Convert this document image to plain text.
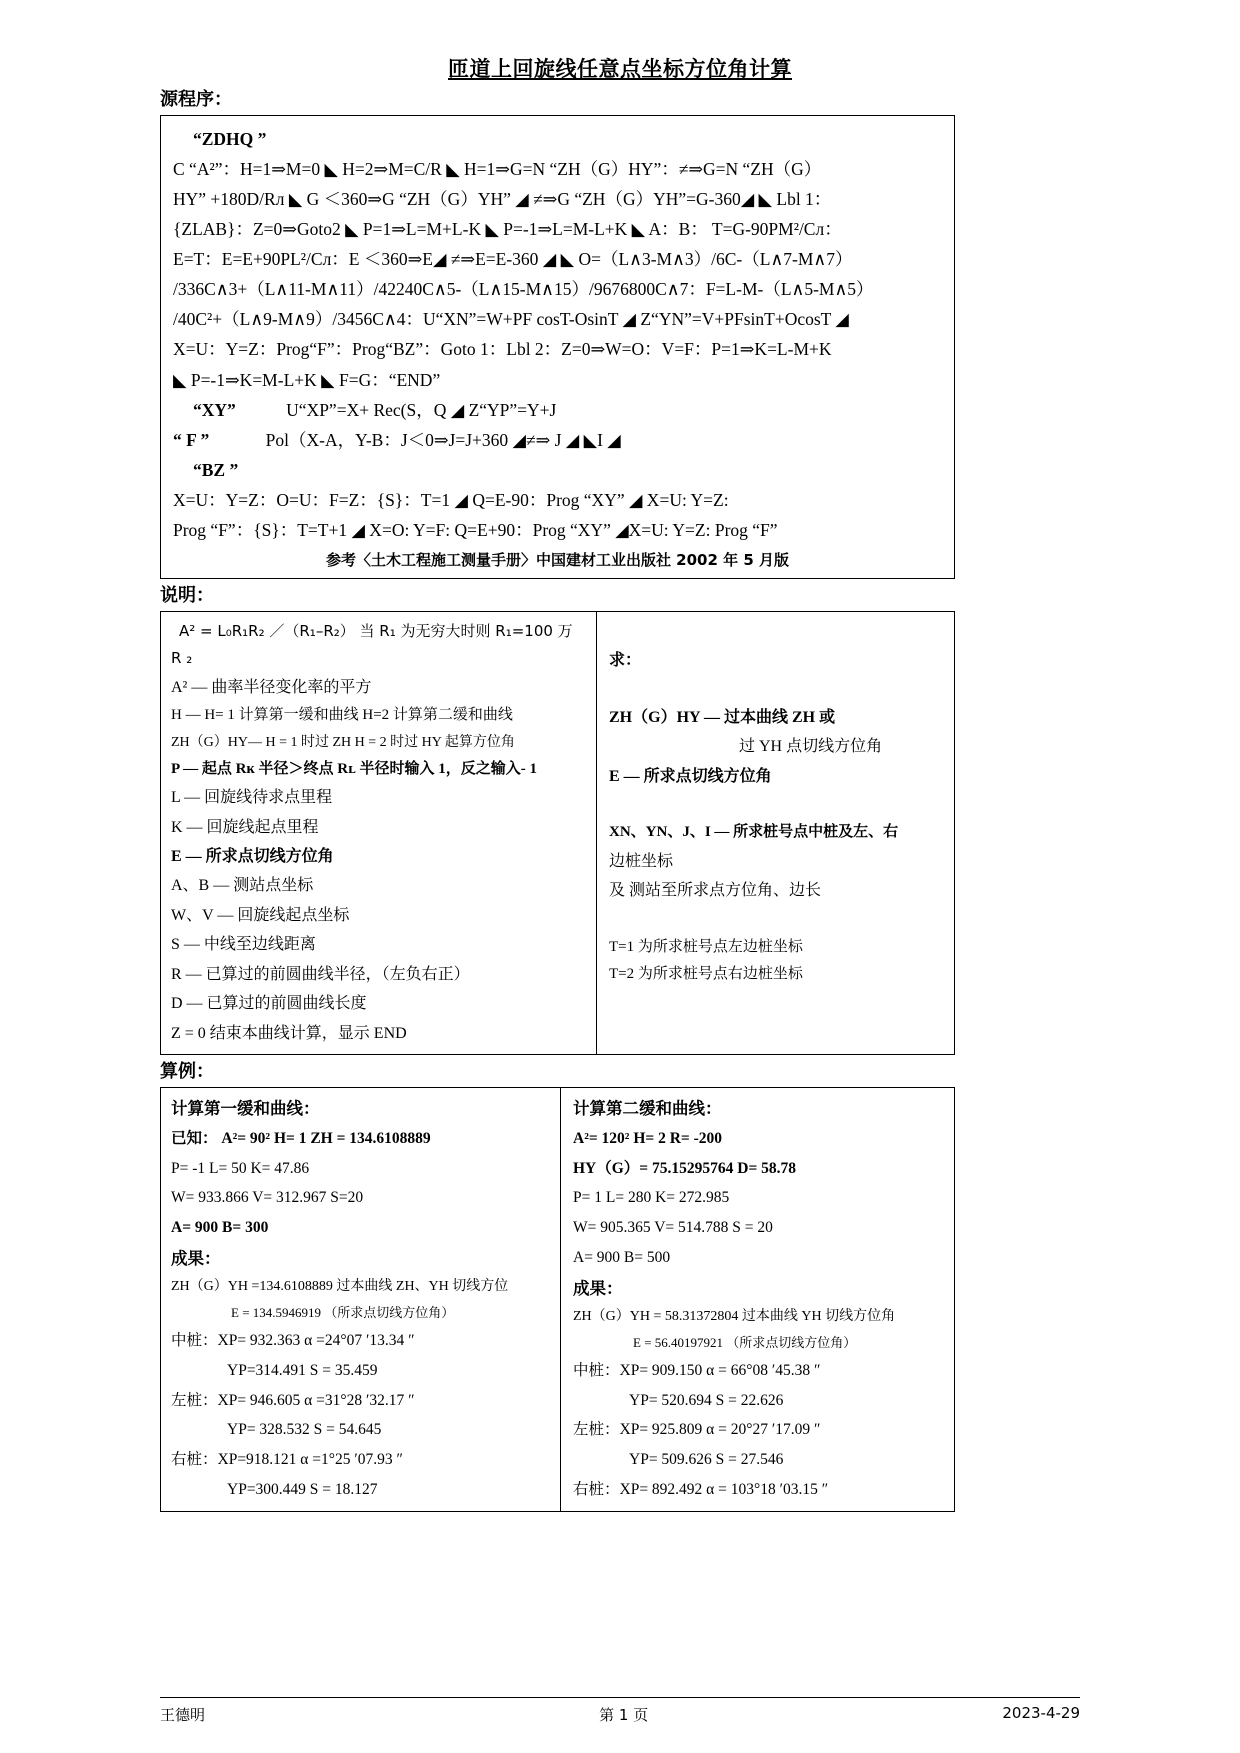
匝道上回旋线任意点坐标方位角计算
源程序：
“ZDHQ ”
C “A²”：H=1⇒M=0 ◣ H=2⇒M=C/R ◣ H=1⇒G=N “ZH（G）HY”：≠⇒G=N “ZH（G）
HY” +180D/Rл ◣ G ＜360⇒G “ZH（G）YH” ◢ ≠⇒G “ZH（G）YH”=G-360◢ ◣ Lbl 1：
{ZLAB}：Z=0⇒Goto2 ◣ P=1⇒L=M+L-K ◣ P=-1⇒L=M-L+K ◣ A：B： T=G-90PM²/Cл：
E=T：E=E+90PL²/Cл：E ＜360⇒E◢ ≠⇒E=E-360 ◢ ◣ O=（L∧3-M∧3）/6C-（L∧7-M∧7）
/336C∧3+（L∧11-M∧11）/42240C∧5-（L∧15-M∧15）/9676800C∧7：F=L-M-（L∧5-M∧5）
/40C²+（L∧9-M∧9）/3456C∧4：U“XN”=W+PF cosT-OsinT ◢ Z“YN”=V+PFsinT+OcosT ◢
X=U：Y=Z：Prog“F”：Prog“BZ”：Goto 1：Lbl 2：Z=0⇒W=O：V=F：P=1⇒K=L-M+K
◣ P=-1⇒K=M-L+K ◣ F=G：“END”
“XY”	U“XP”=X+ Rec(S，Q ◢ Z“YP”=Y+J
“ F ”	Pol（X-A，Y-B：J＜0⇒J=J+360 ◢≠⇒ J ◢ ◣I ◢
“BZ ”
X=U：Y=Z：O=U：F=Z：{S}：T=1 ◢ Q=E-90：Prog “XY” ◢ X=U: Y=Z:
Prog “F”：{S}：T=T+1 ◢ X=O: Y=F: Q=E+90：Prog “XY” ◢X=U: Y=Z: Prog “F”
参考〈土木工程施工测量手册〉中国建材工业出版社 2002 年 5 月版
说明：
A² = L₀R₁R₂ ／（R₁–R₂） 当 R₁ 为无穷大时则 R₁=100 万
R ₂
A² — 曲率半径变化率的平方
H — H= 1 计算第一缓和曲线 H=2 计算第二缓和曲线
ZH（G）HY— H = 1 时过 ZH H = 2 时过 HY 起算方位角
P — 起点 Rĸ 半径＞终点 Rʟ 半径时输入 1，反之输入- 1
L — 回旋线待求点里程
K — 回旋线起点里程
E — 所求点切线方位角
A、B — 测站点坐标
W、V — 回旋线起点坐标
S — 中线至边线距离
R — 已算过的前圆曲线半径，（左负右正）
D — 已算过的前圆曲线长度
Z = 0 结束本曲线计算，显示 END
求：
ZH（G）HY — 过本曲线 ZH 或
过 YH 点切线方位角
E — 所求点切线方位角
XN、YN、J、I — 所求桩号点中桩及左、右
边桩坐标
及 测站至所求点方位角、边长
T=1 为所求桩号点左边桩坐标
T=2 为所求桩号点右边桩坐标
算例：
计算第一缓和曲线：
已知： A²= 90² H= 1 ZH = 134.6108889
P= -1 L= 50 K= 47.86
W= 933.866 V= 312.967 S=20
A= 900 B= 300
成果：
ZH（G）YH =134.6108889 过本曲线 ZH、YH 切线方位
E = 134.5946919 （所求点切线方位角）
中桩：XP= 932.363 α =24°07 ′13.34 ″
YP=314.491 S = 35.459
左桩：XP= 946.605 α =31°28 ′32.17 ″
YP= 328.532 S = 54.645
右桩：XP=918.121 α =1°25 ′07.93 ″
YP=300.449 S = 18.127
计算第二缓和曲线：
A²= 120² H= 2 R= -200
HY（G）= 75.15295764 D= 58.78
P= 1 L= 280 K= 272.985
W= 905.365 V= 514.788 S = 20
A= 900 B= 500
成果：
ZH（G）YH = 58.31372804 过本曲线 YH 切线方位角
E = 56.40197921 （所求点切线方位角）
中桩：XP= 909.150 α = 66°08 ′45.38 ″
YP= 520.694 S = 22.626
左桩：XP= 925.809 α = 20°27 ′17.09 ″
YP= 509.626 S = 27.546
右桩：XP= 892.492 α = 103°18 ′03.15 ″
王德明	第 1 页	2023-4-29
